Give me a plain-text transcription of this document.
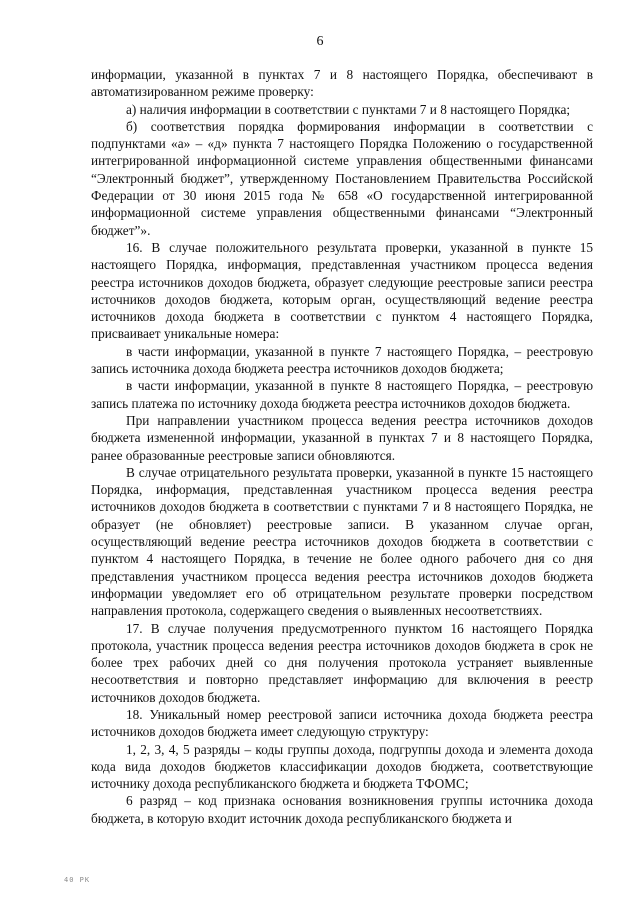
6

информации, указанной в пунктах 7 и 8 настоящего Порядка, обеспечивают в автоматизированном режиме проверку:

а) наличия информации в соответствии с пунктами 7 и 8 настоящего Порядка;

б) соответствия порядка формирования информации в соответствии с подпунктами «а» – «д» пункта 7 настоящего Порядка Положению о государственной интегрированной информационной системе управления общественными финансами “Электронный бюджет”, утвержденному Постановлением Правительства Российской Федерации от 30 июня 2015 года № 658 «О государственной интегрированной информационной системе управления общественными финансами “Электронный бюджет”».

16. В случае положительного результата проверки, указанной в пункте 15 настоящего Порядка, информация, представленная участником процесса ведения реестра источников доходов бюджета, образует следующие реестровые записи реестра источников доходов бюджета, которым орган, осуществляющий ведение реестра источников дохода бюджета в соответствии с пунктом 4 настоящего Порядка, присваивает уникальные номера:

в части информации, указанной в пункте 7 настоящего Порядка, – реестровую запись источника дохода бюджета реестра источников доходов бюджета;

в части информации, указанной в пункте 8 настоящего Порядка, – реестровую запись платежа по источнику дохода бюджета реестра источников доходов бюджета.

При направлении участником процесса ведения реестра источников доходов бюджета измененной информации, указанной в пунктах 7 и 8 настоящего Порядка, ранее образованные реестровые записи обновляются.

В случае отрицательного результата проверки, указанной в пункте 15 настоящего Порядка, информация, представленная участником процесса ведения реестра источников доходов бюджета в соответствии с пунктами 7 и 8 настоящего Порядка, не образует (не обновляет) реестровые записи. В указанном случае орган, осуществляющий ведение реестра источников доходов бюджета в соответствии с пунктом 4 настоящего Порядка, в течение не более одного рабочего дня со дня представления участником процесса ведения реестра источников доходов бюджета информации уведомляет его об отрицательном результате проверки посредством направления протокола, содержащего сведения о выявленных несоответствиях.

17. В случае получения предусмотренного пунктом 16 настоящего Порядка протокола, участник процесса ведения реестра источников доходов бюджета в срок не более трех рабочих дней со дня получения протокола устраняет выявленные несоответствия и повторно представляет информацию для включения в реестр источников доходов бюджета.

18. Уникальный номер реестровой записи источника дохода бюджета реестра источников доходов бюджета имеет следующую структуру:

1, 2, 3, 4, 5 разряды – коды группы дохода, подгруппы дохода и элемента дохода кода вида доходов бюджетов классификации доходов бюджета, соответствующие источнику дохода республиканского бюджета и бюджета ТФОМС;

6 разряд – код признака основания возникновения группы источника дохода бюджета, в которую входит источник дохода республиканского бюджета и

40 PK
